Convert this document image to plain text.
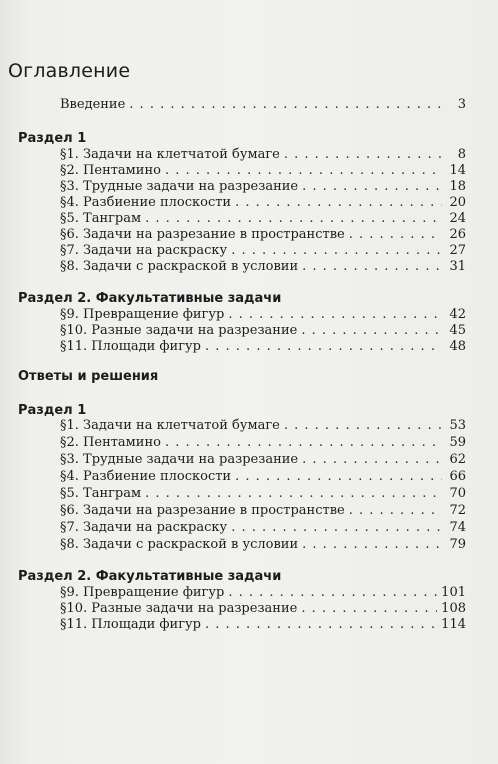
Оглавление
Введение . . .	3
Раздел 1
§1. Задачи на клетчатой бумаге . . .	8
§2. Пентамино . . .	14
§3. Трудные задачи на разрезание . . .	18
§4. Разбиение плоскости . . .	20
§5. Танграм . . .	24
§6. Задачи на разрезание в пространстве . . .	26
§7. Задачи на раскраску . . .	27
§8. Задачи с раскраской в условии . . .	31
Раздел 2. Факультативные задачи
§9. Превращение фигур . . .	42
§10. Разные задачи на разрезание . . .	45
§11. Площади фигур . . .	48
Ответы и решения
Раздел 1
§1. Задачи на клетчатой бумаге . . .	53
§2. Пентамино . . .	59
§3. Трудные задачи на разрезание . . .	62
§4. Разбиение плоскости . . .	66
§5. Танграм . . .	70
§6. Задачи на разрезание в пространстве . . .	72
§7. Задачи на раскраску . . .	74
§8. Задачи с раскраской в условии . . .	79
Раздел 2. Факультативные задачи
§9. Превращение фигур . . .	101
§10. Разные задачи на разрезание . . .	108
§11. Площади фигур . . .	114
